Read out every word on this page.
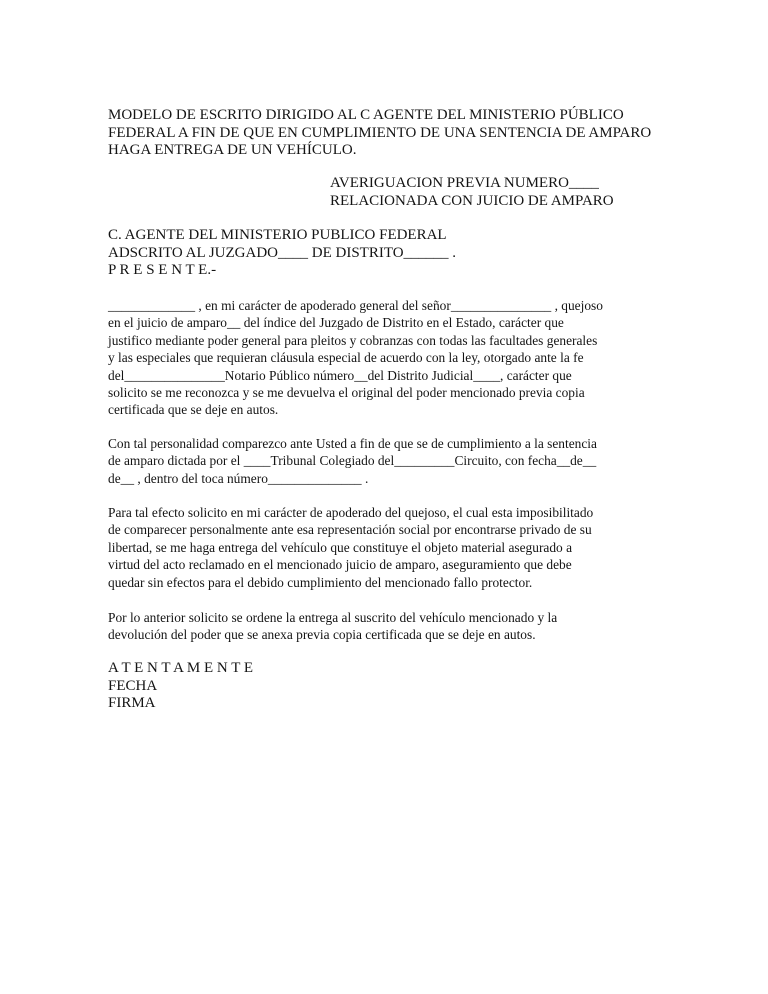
MODELO DE ESCRITO DIRIGIDO AL C AGENTE DEL MINISTERIO PÚBLICO
FEDERAL A FIN DE QUE EN CUMPLIMIENTO DE UNA SENTENCIA DE AMPARO
HAGA ENTREGA DE UN VEHÍCULO.
AVERIGUACION PREVIA NUMERO____
RELACIONADA CON JUICIO DE AMPARO
C. AGENTE DEL MINISTERIO PUBLICO FEDERAL
ADSCRITO AL JUZGADO____ DE DISTRITO______ .
P R E S E N T E.-
_____________ , en mi carácter de apoderado general del señor_______________ , quejoso
en el juicio de amparo__ del índice del Juzgado de Distrito en el Estado, carácter que
justifico mediante poder general para pleitos y cobranzas con todas las facultades generales
y las especiales que requieran cláusula especial de acuerdo con la ley, otorgado ante la fe
del_______________Notario Público número__del Distrito Judicial____, carácter que
solicito se me reconozca y se me devuelva el original del poder mencionado previa copia
certificada que se deje en autos.
Con tal personalidad comparezco ante Usted a fin de que se de cumplimiento a la sentencia
de amparo dictada por el ____Tribunal Colegiado del_________Circuito, con fecha__de__
de__ , dentro del toca número______________ .
Para tal efecto solicito en mi carácter de apoderado del quejoso, el cual esta imposibilitado
de comparecer personalmente ante esa representación social por encontrarse privado de su
libertad, se me haga entrega del vehículo que constituye el objeto material asegurado a
virtud del acto reclamado en el mencionado juicio de amparo, aseguramiento que debe
quedar sin efectos para el debido cumplimiento del mencionado fallo protector.
Por lo anterior solicito se ordene la entrega al suscrito del vehículo mencionado y la
devolución del poder que se anexa previa copia certificada que se deje en autos.
A T E N T A M E N T E
FECHA
FIRMA
